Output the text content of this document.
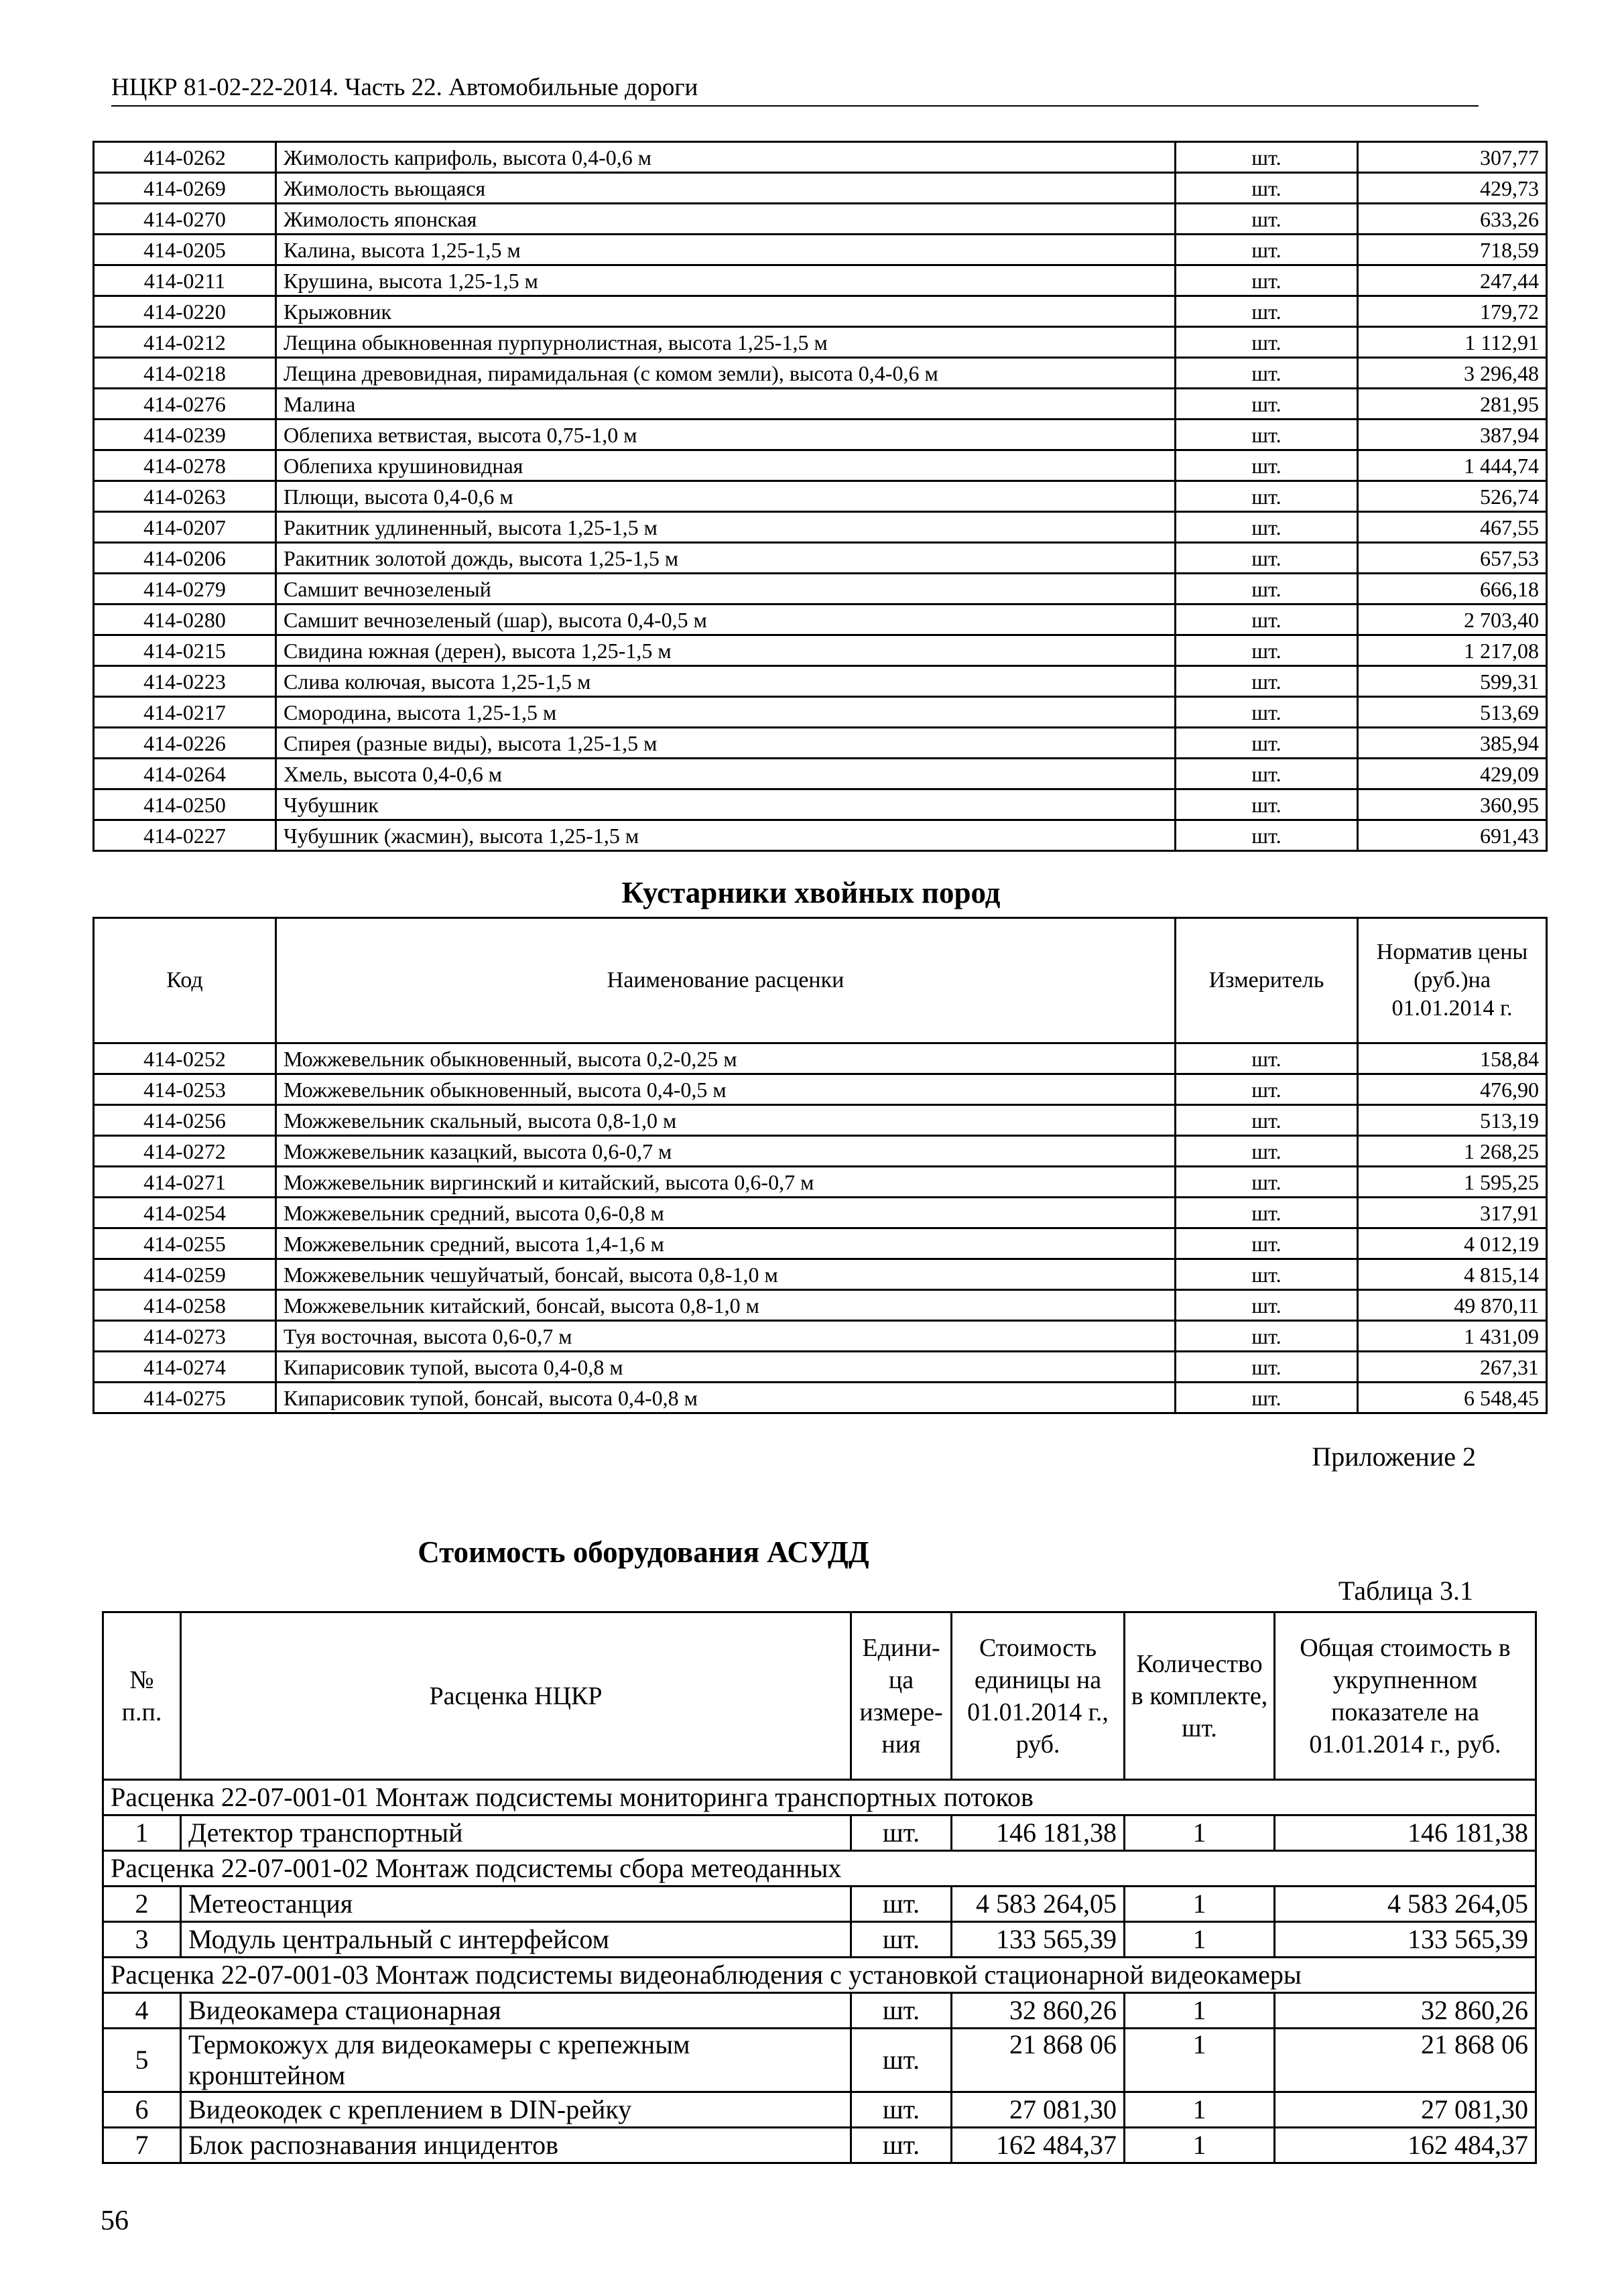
НЦКР 81-02-22-2014. Часть 22. Автомобильные дороги
414-0262	Жимолость каприфоль, высота 0,4-0,6 м	шт.	307,77
414-0269	Жимолость вьющаяся	шт.	429,73
414-0270	Жимолость японская	шт.	633,26
414-0205	Калина, высота 1,25-1,5 м	шт.	718,59
414-0211	Крушина, высота 1,25-1,5 м	шт.	247,44
414-0220	Крыжовник	шт.	179,72
414-0212	Лещина обыкновенная пурпурнолистная, высота 1,25-1,5 м	шт.	1 112,91
414-0218	Лещина древовидная, пирамидальная (с комом земли), высота 0,4-0,6 м	шт.	3 296,48
414-0276	Малина	шт.	281,95
414-0239	Облепиха ветвистая, высота 0,75-1,0 м	шт.	387,94
414-0278	Облепиха крушиновидная	шт.	1 444,74
414-0263	Плющи, высота 0,4-0,6 м	шт.	526,74
414-0207	Ракитник удлиненный, высота 1,25-1,5 м	шт.	467,55
414-0206	Ракитник золотой дождь, высота 1,25-1,5 м	шт.	657,53
414-0279	Самшит вечнозеленый	шт.	666,18
414-0280	Самшит вечнозеленый (шар), высота 0,4-0,5 м	шт.	2 703,40
414-0215	Свидина южная (дерен), высота 1,25-1,5 м	шт.	1 217,08
414-0223	Слива колючая, высота 1,25-1,5 м	шт.	599,31
414-0217	Смородина, высота 1,25-1,5 м	шт.	513,69
414-0226	Спирея (разные виды), высота 1,25-1,5 м	шт.	385,94
414-0264	Хмель, высота 0,4-0,6 м	шт.	429,09
414-0250	Чубушник	шт.	360,95
414-0227	Чубушник (жасмин), высота 1,25-1,5 м	шт.	691,43
Кустарники хвойных пород
Код	Наименование расценки	Измеритель	Норматив цены (руб.)на 01.01.2014 г.
414-0252	Можжевельник обыкновенный, высота 0,2-0,25 м	шт.	158,84
414-0253	Можжевельник обыкновенный, высота 0,4-0,5 м	шт.	476,90
414-0256	Можжевельник скальный, высота 0,8-1,0 м	шт.	513,19
414-0272	Можжевельник казацкий, высота 0,6-0,7 м	шт.	1 268,25
414-0271	Можжевельник виргинский и китайский, высота 0,6-0,7 м	шт.	1 595,25
414-0254	Можжевельник средний, высота 0,6-0,8 м	шт.	317,91
414-0255	Можжевельник средний, высота 1,4-1,6 м	шт.	4 012,19
414-0259	Можжевельник чешуйчатый, бонсай, высота 0,8-1,0 м	шт.	4 815,14
414-0258	Можжевельник китайский, бонсай, высота 0,8-1,0 м	шт.	49 870,11
414-0273	Туя восточная, высота 0,6-0,7 м	шт.	1 431,09
414-0274	Кипарисовик тупой, высота 0,4-0,8 м	шт.	267,31
414-0275	Кипарисовик тупой, бонсай, высота 0,4-0,8 м	шт.	6 548,45
Приложение 2
Стоимость оборудования АСУДД
Таблица 3.1
№ п.п.	Расценка НЦКР	Едини-ца измере-ния	Стоимость единицы на 01.01.2014 г., руб.	Количество в комплекте, шт.	Общая стоимость в укрупненном показателе на 01.01.2014 г., руб.
Расценка 22-07-001-01 Монтаж подсистемы мониторинга транспортных потоков					
1	Детектор транспортный	шт.	146 181,38	1	146 181,38
Расценка 22-07-001-02 Монтаж подсистемы сбора метеоданных					
2	Метеостанция	шт.	4 583 264,05	1	4 583 264,05
3	Модуль центральный с интерфейсом	шт.	133 565,39	1	133 565,39
Расценка 22-07-001-03 Монтаж подсистемы видеонаблюдения с установкой стационарной видеокамеры					
4	Видеокамера стационарная	шт.	32 860,26	1	32 860,26
5	Термокожух для видеокамеры с крепежным кронштейном	шт.	21 868 06	1	21 868 06
6	Видеокодек с креплением в DIN-рейку	шт.	27 081,30	1	27 081,30
7	Блок распознавания инцидентов	шт.	162 484,37	1	162 484,37
56
